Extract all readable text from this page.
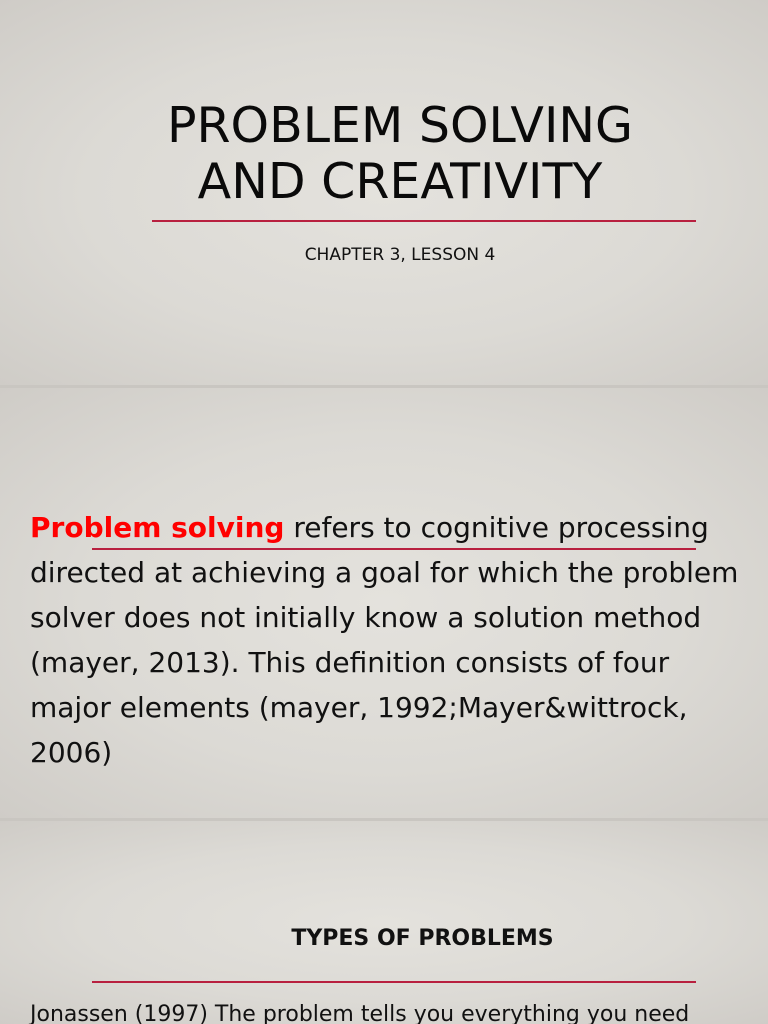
PROBLEM SOLVING
AND CREATIVITY

CHAPTER 3, LESSON 4

Problem solving refers to cognitive processing directed at achieving a goal for which the problem solver does not initially know a solution method (mayer, 2013). This definition consists of four major elements (mayer, 1992;Mayer&wittrock, 2006)

TYPES OF PROBLEMS

Jonassen (1997) The problem tells you everything you need
